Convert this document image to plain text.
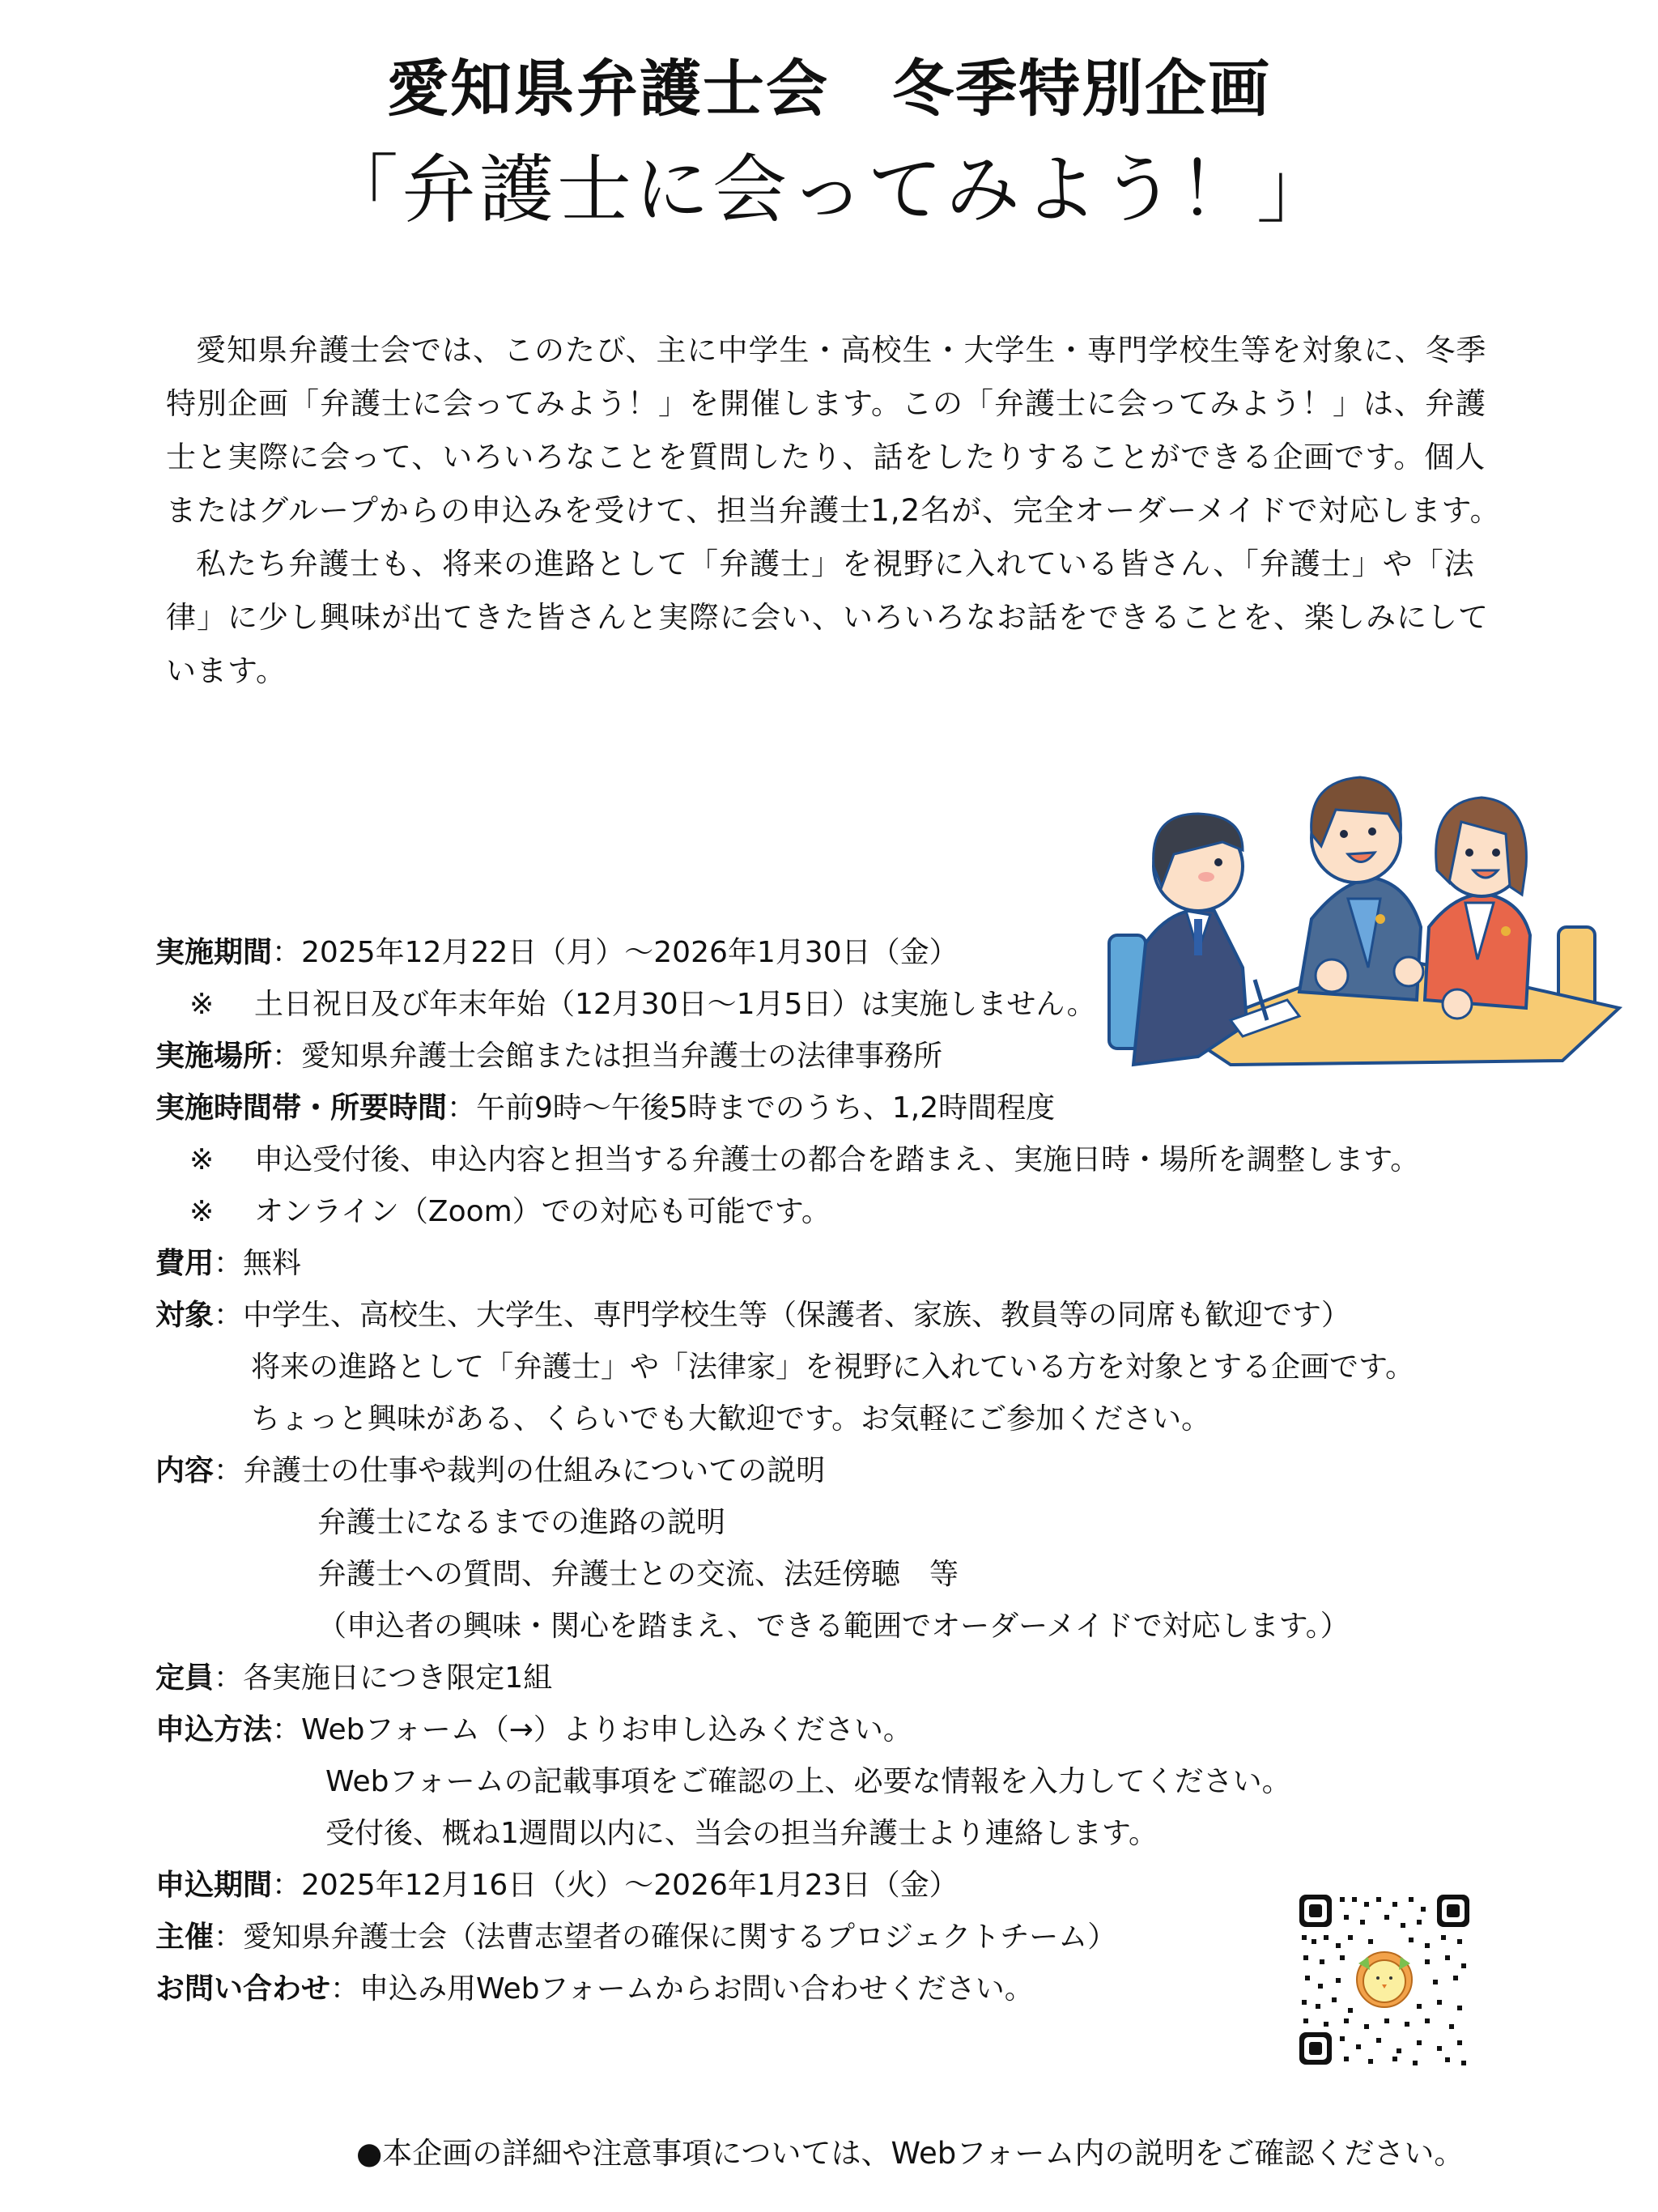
愛知県弁護士会　冬季特別企画
「弁護士に会ってみよう！」

愛知県弁護士会では、このたび、主に中学生・高校生・大学生・専門学校生等を対象に、冬季特別企画「弁護士に会ってみよう！」を開催します。この「弁護士に会ってみよう！」は、弁護士と実際に会って、いろいろなことを質問したり、話をしたりすることができる企画です。個人またはグループからの申込みを受けて、担当弁護士1,2名が、完全オーダーメイドで対応します。

私たち弁護士も、将来の進路として「弁護士」を視野に入れている皆さん、「弁護士」や「法律」に少し興味が出てきた皆さんと実際に会い、いろいろなお話をできることを、楽しみにしています。

実施期間：2025年12月22日（月）～2026年1月30日（金）
※ 土日祝日及び年末年始（12月30日～1月5日）は実施しません。
実施場所：愛知県弁護士会館または担当弁護士の法律事務所
実施時間帯・所要時間：午前9時～午後5時までのうち、1,2時間程度
※ 申込受付後、申込内容と担当する弁護士の都合を踏まえ、実施日時・場所を調整します。
※ オンライン（Zoom）での対応も可能です。
費用：無料
対象：中学生、高校生、大学生、専門学校生等（保護者、家族、教員等の同席も歓迎です）
将来の進路として「弁護士」や「法律家」を視野に入れている方を対象とする企画です。
ちょっと興味がある、くらいでも大歓迎です。お気軽にご参加ください。
内容：弁護士の仕事や裁判の仕組みについての説明
弁護士になるまでの進路の説明
弁護士への質問、弁護士との交流、法廷傍聴　等
（申込者の興味・関心を踏まえ、できる範囲でオーダーメイドで対応します。）
定員：各実施日につき限定1組
申込方法：Webフォーム（→）よりお申し込みください。
Webフォームの記載事項をご確認の上、必要な情報を入力してください。
受付後、概ね1週間以内に、当会の担当弁護士より連絡します。
申込期間：2025年12月16日（火）～2026年1月23日（金）
主催：愛知県弁護士会（法曹志望者の確保に関するプロジェクトチーム）
お問い合わせ：申込み用Webフォームからお問い合わせください。
●本企画の詳細や注意事項については、Webフォーム内の説明をご確認ください。
